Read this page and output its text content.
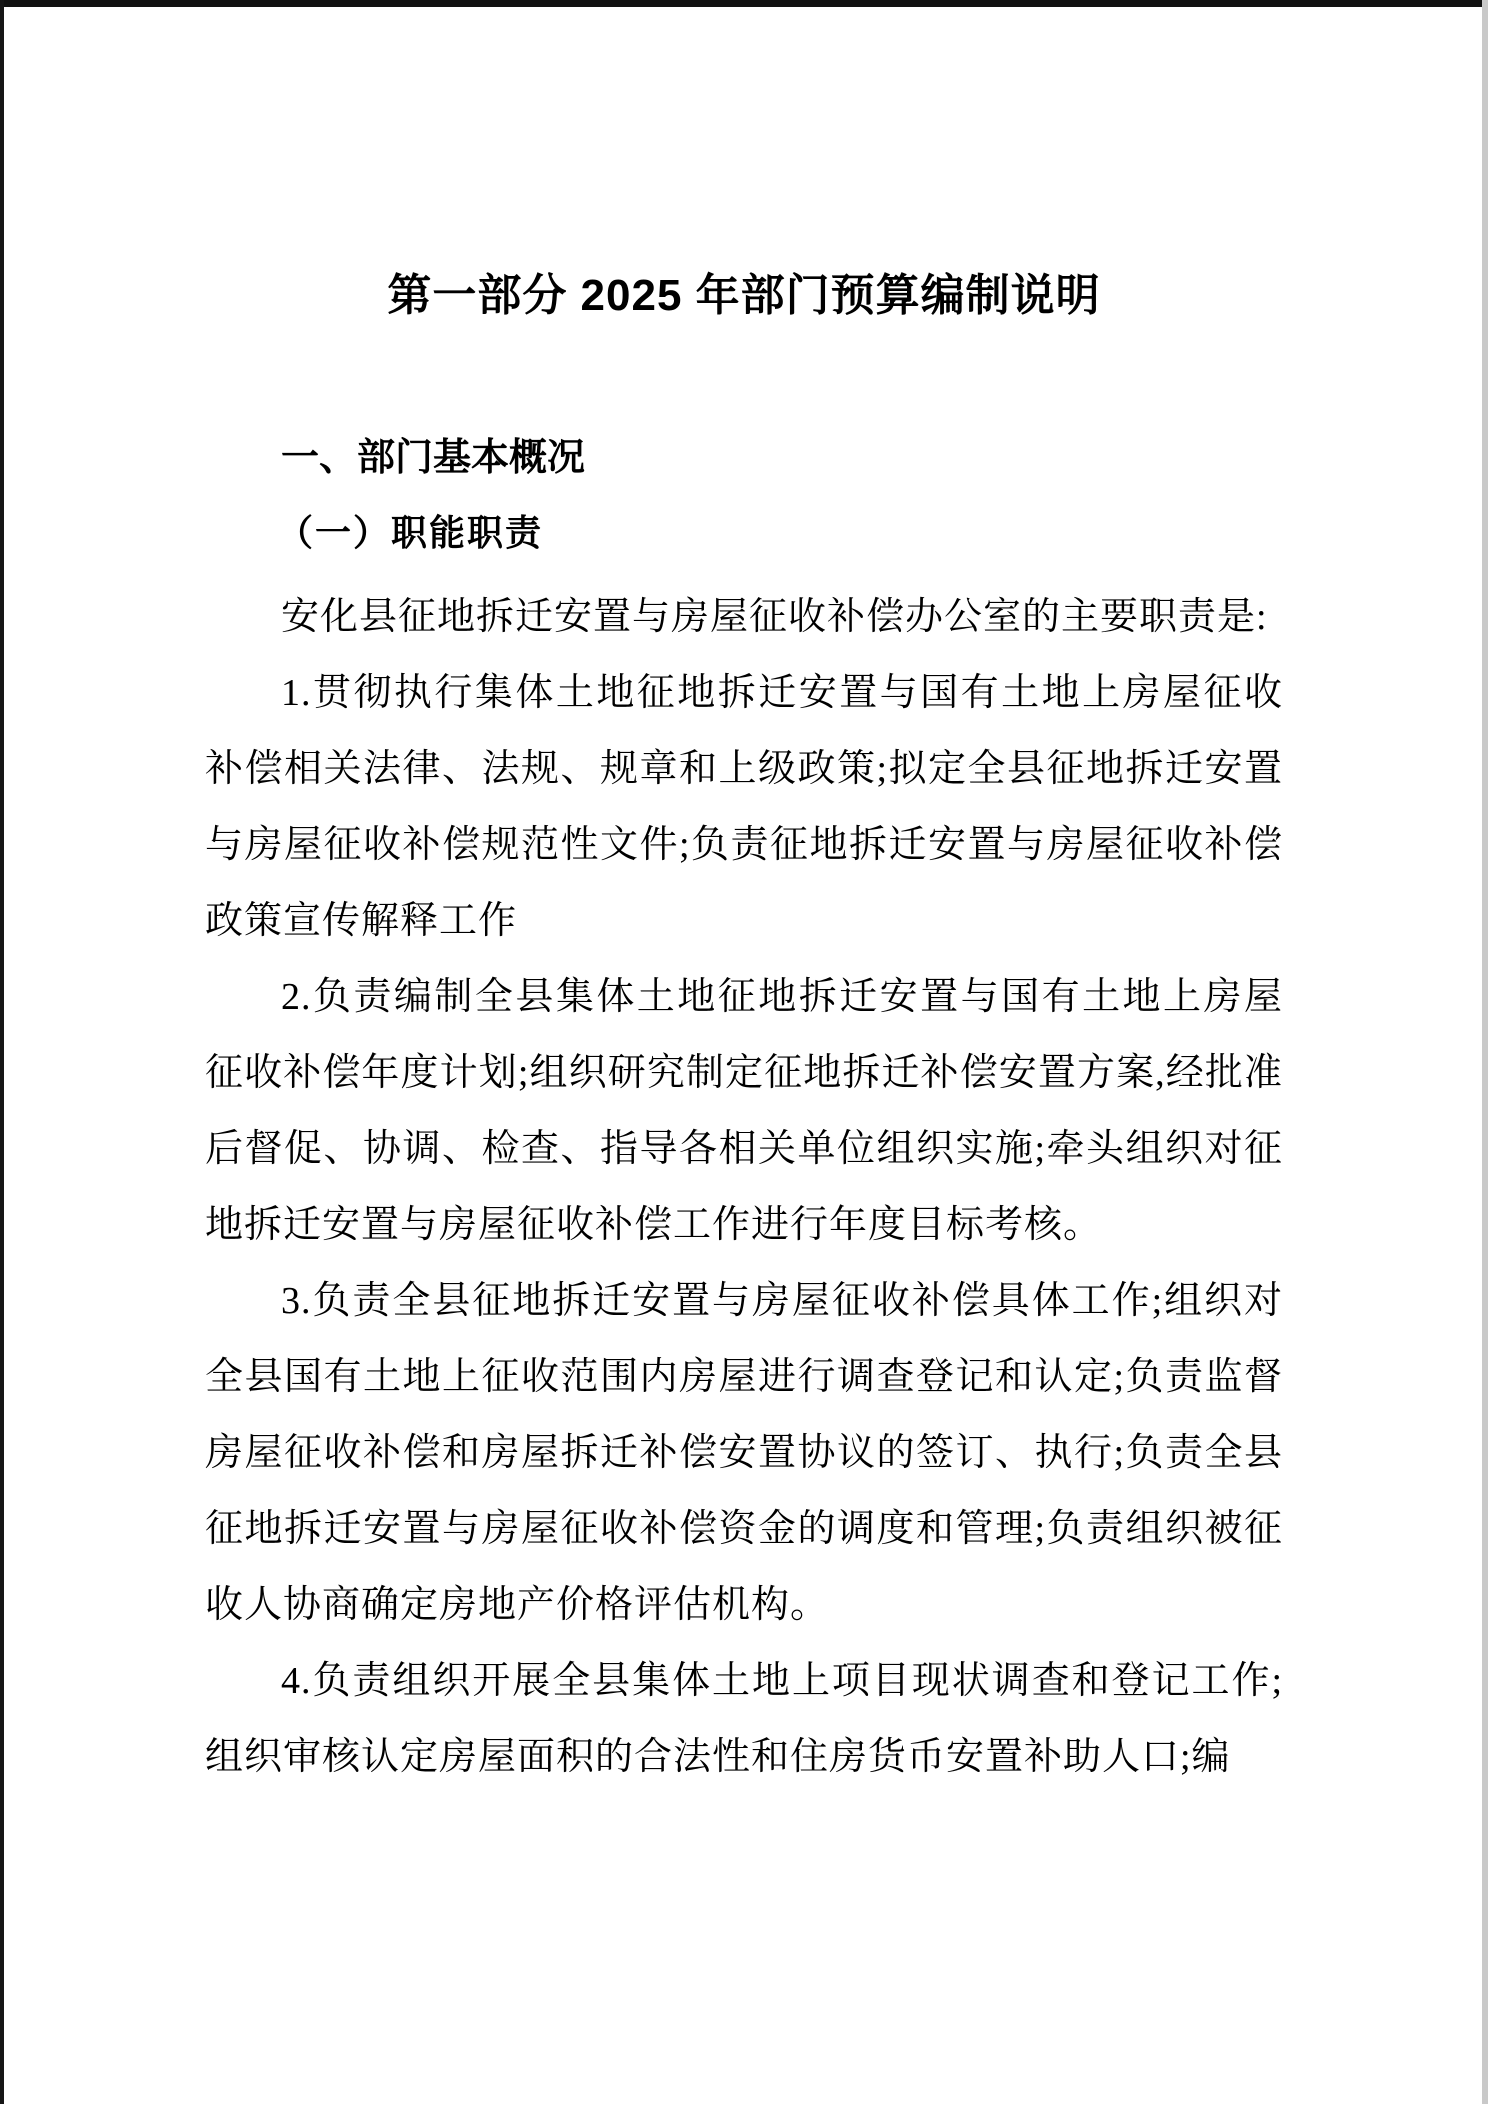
第一部分 2025 年部门预算编制说明
一、部门基本概况
（一）职能职责

安化县征地拆迁安置与房屋征收补偿办公室的主要职责是:

1.贯彻执行集体土地征地拆迁安置与国有土地上房屋征收补偿相关法律、法规、规章和上级政策;拟定全县征地拆迁安置与房屋征收补偿规范性文件;负责征地拆迁安置与房屋征收补偿政策宣传解释工作

2.负责编制全县集体土地征地拆迁安置与国有土地上房屋征收补偿年度计划;组织研究制定征地拆迁补偿安置方案,经批准后督促、协调、检查、指导各相关单位组织实施;牵头组织对征地拆迁安置与房屋征收补偿工作进行年度目标考核。

3.负责全县征地拆迁安置与房屋征收补偿具体工作;组织对全县国有土地上征收范围内房屋进行调查登记和认定;负责监督房屋征收补偿和房屋拆迁补偿安置协议的签订、执行;负责全县征地拆迁安置与房屋征收补偿资金的调度和管理;负责组织被征收人协商确定房地产价格评估机构。

4.负责组织开展全县集体土地上项目现状调查和登记工作;组织审核认定房屋面积的合法性和住房货币安置补助人口;编
